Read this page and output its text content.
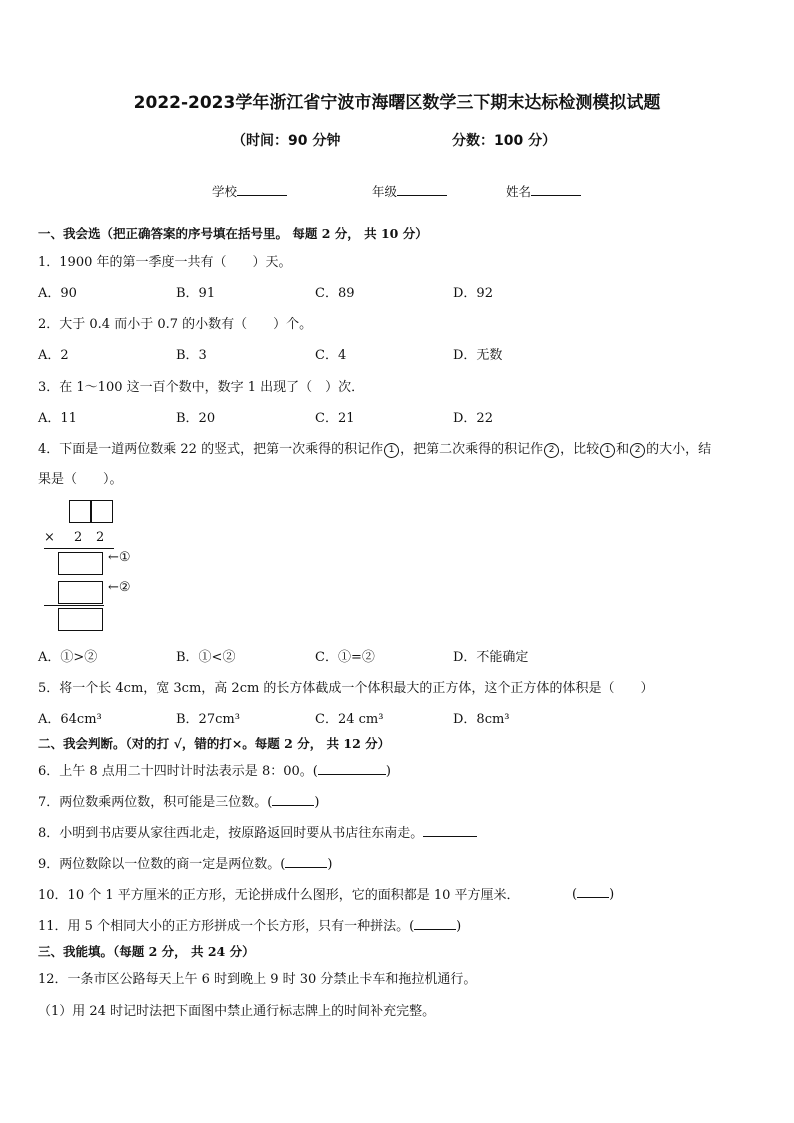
2022-2023学年浙江省宁波市海曙区数学三下期末达标检测模拟试题
（时间：90 分钟	分数：100 分）
学校	年级	姓名
一、我会选（把正确答案的序号填在括号里。 每题 2 分， 共 10 分）
1．1900 年的第一季度一共有（　　）天。
A．90	B．91	C．89	D．92
2．大于 0.4 而小于 0.7 的小数有（　　）个。
A．2	B．3	C．4	D．无数
3．在 1～100 这一百个数中，数字 1 出现了（　）次．
A．11	B．20	C．21	D．22
4．下面是一道两位数乘 22 的竖式，把第一次乘得的积记作 1 ，把第二次乘得的积记作 2 ，比较 1 和 2 的大小，结
果是（　　）。
× 2 2
←①
←②
A．①>②	B．①<②	C．①=②	D．不能确定
5．将一个长 4cm，宽 3cm，高 2cm 的长方体截成一个体积最大的正方体，这个正方体的体积是（　　）
A．64cm³	B．27cm³	C．24 cm³	D．8cm³
二、我会判断。（对的打 √，错的打×。每题 2 分， 共 12 分）
6．上午 8 点用二十四时计时法表示是 8：00。(	)
7．两位数乘两位数，积可能是三位数。(	)
8．小明到书店要从家往西北走，按原路返回时要从书店往东南走。
9．两位数除以一位数的商一定是两位数。(	)
10．10 个 1 平方厘米的正方形，无论拼成什么图形，它的面积都是 10 平方厘米．	( )
11．用 5 个相同大小的正方形拼成一个长方形，只有一种拼法。(	)
三、我能填。（每题 2 分， 共 24 分）
12．一条市区公路每天上午 6 时到晚上 9 时 30 分禁止卡车和拖拉机通行。
（1）用 24 时记时法把下面图中禁止通行标志牌上的时间补充完整。
